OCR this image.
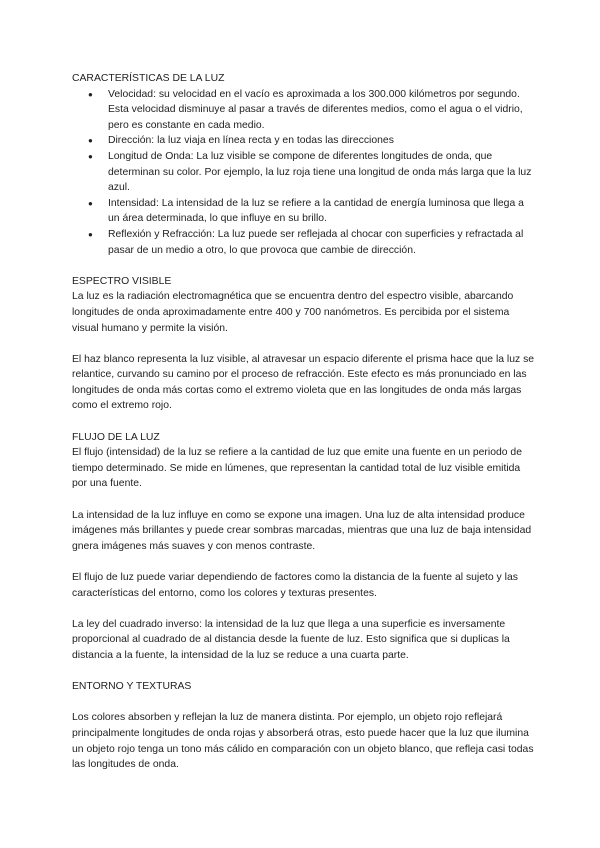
CARACTERÍSTICAS DE LA LUZ
● Velocidad: su velocidad en el vacío es aproximada a los 300.000 kilómetros por segundo. Esta velocidad disminuye al pasar a través de diferentes medios, como el agua o el vidrio, pero es constante en cada medio.
● Dirección: la luz viaja en línea recta y en todas las direcciones
● Longitud de Onda: La luz visible se compone de diferentes longitudes de onda, que determinan su color. Por ejemplo, la luz roja tiene una longitud de onda más larga que la luz azul.
● Intensidad: La intensidad de la luz se refiere a la cantidad de energía luminosa que llega a un área determinada, lo que influye en su brillo.
● Reflexión y Refracción: La luz puede ser reflejada al chocar con superficies y refractada al pasar de un medio a otro, lo que provoca que cambie de dirección.
ESPECTRO VISIBLE

La luz es la radiación electromagnética que se encuentra dentro del espectro visible, abarcando longitudes de onda aproximadamente entre 400 y 700 nanómetros. Es percibida por el sistema visual humano y permite la visión.

El haz blanco representa la luz visible, al atravesar un espacio diferente el prisma hace que la luz se relantice, curvando su camino por el proceso de refracción. Este efecto es más pronunciado en las longitudes de onda más cortas como el extremo violeta que en las longitudes de onda más largas como el extremo rojo.

FLUJO DE LA LUZ

El flujo (intensidad) de la luz se refiere a la cantidad de luz que emite una fuente en un periodo de tiempo determinado. Se mide en lúmenes, que representan la cantidad total de luz visible emitida por una fuente.

La intensidad de la luz influye en como se expone una imagen. Una luz de alta intensidad produce imágenes más brillantes y puede crear sombras marcadas, mientras que una luz de baja intensidad gnera imágenes más suaves y con menos contraste.

El flujo de luz puede variar dependiendo de factores como la distancia de la fuente al sujeto y las características del entorno, como los colores y texturas presentes.

La ley del cuadrado inverso: la intensidad de la luz que llega a una superficie es inversamente proporcional al cuadrado de al distancia desde la fuente de luz. Esto significa que si duplicas la distancia a la fuente, la intensidad de la luz se reduce a una cuarta parte.

ENTORNO Y TEXTURAS

Los colores absorben y reflejan la luz de manera distinta. Por ejemplo, un objeto rojo reflejará principalmente longitudes de onda rojas y absorberá otras, esto puede hacer que la luz que ilumina un objeto rojo tenga un tono más cálido en comparación con un objeto blanco, que refleja casi todas las longitudes de onda.
